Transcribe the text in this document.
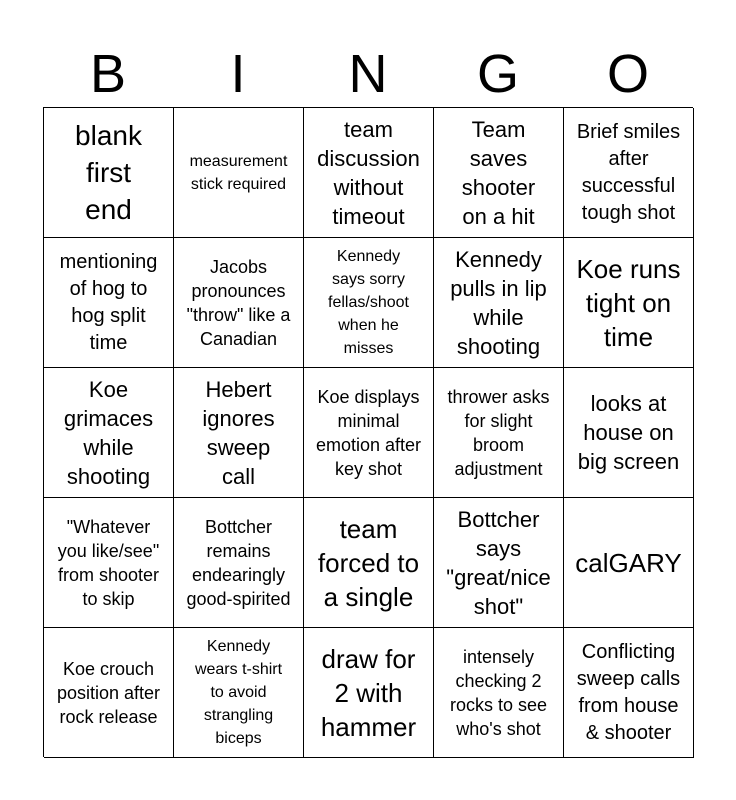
B	I	N	G	O
blank
first
end
measurement
stick required
team
discussion
without
timeout
Team
saves
shooter
on a hit
Brief smiles
after
successful
tough shot
mentioning
of hog to
hog split
time
Jacobs
pronounces
"throw" like a
Canadian
Kennedy
says sorry
fellas/shoot
when he
misses
Kennedy
pulls in lip
while
shooting
Koe runs
tight on
time
Koe
grimaces
while
shooting
Hebert
ignores
sweep
call
Koe displays
minimal
emotion after
key shot
thrower asks
for slight
broom
adjustment
looks at
house on
big screen
"Whatever
you like/see"
from shooter
to skip
Bottcher
remains
endearingly
good-spirited
team
forced to
a single
Bottcher
says
"great/nice
shot"
calGARY
Koe crouch
position after
rock release
Kennedy
wears t-shirt
to avoid
strangling
biceps
draw for
2 with
hammer
intensely
checking 2
rocks to see
who's shot
Conflicting
sweep calls
from house
& shooter
